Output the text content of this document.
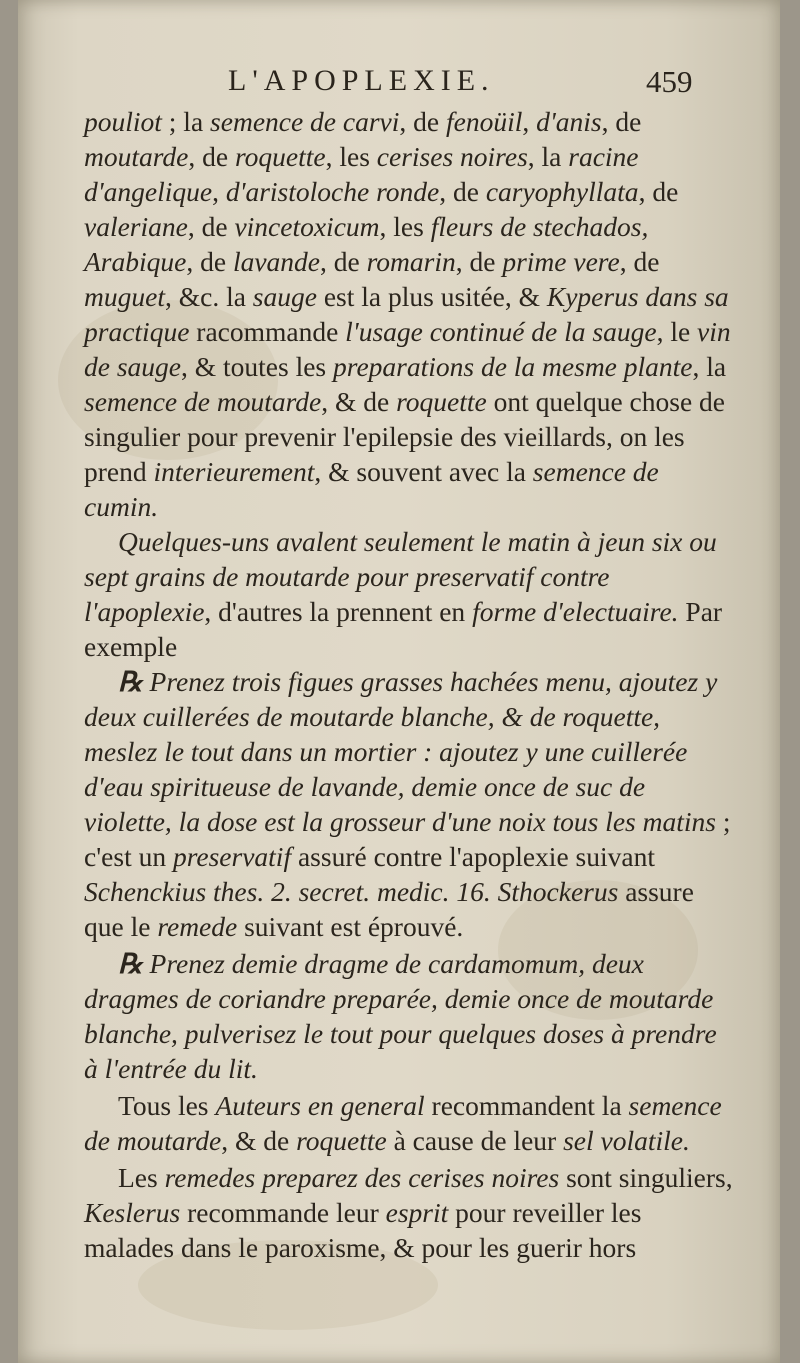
L'APOPLEXIE.	459

pouliot ; la semence de carvi, de fenoüil, d'anis, de moutarde, de roquette, les cerises noires, la racine d'angelique, d'aristoloche ronde, de caryophyllata, de valeriane, de vincetoxicum, les fleurs de stechados, Arabique, de lavande, de romarin, de prime vere, de muguet, &c. la sauge est la plus usitée, & Kyperus dans sa practique racommande l'usage continué de la sauge, le vin de sauge, & toutes les preparations de la mesme plante, la semence de moutarde, & de roquette ont quelque chose de singulier pour prevenir l'epilepsie des vieillards, on les prend interieurement, & souvent avec la semence de cumin.

Quelques-uns avalent seulement le matin à jeun six ou sept grains de moutarde pour preservatif contre l'apoplexie, d'autres la prennent en forme d'electuaire. Par exemple

℞ Prenez trois figues grasses hachées menu, ajoutez y deux cuillerées de moutarde blanche, & de roquette, meslez le tout dans un mortier : ajoutez y une cuillerée d'eau spiritueuse de lavande, demie once de suc de violette, la dose est la grosseur d'une noix tous les matins ; c'est un preservatif assuré contre l'apoplexie suivant Schenckius thes. 2. secret. medic. 16. Sthockerus assure que le remede suivant est éprouvé.

℞ Prenez demie dragme de cardamomum, deux dragmes de coriandre preparée, demie once de moutarde blanche, pulverisez le tout pour quelques doses à prendre à l'entrée du lit.

Tous les Auteurs en general recommandent la semence de moutarde, & de roquette à cause de leur sel volatile.

Les remedes preparez des cerises noires sont singuliers, Keslerus recommande leur esprit pour reveiller les malades dans le paroxisme, & pour les guerir hors
